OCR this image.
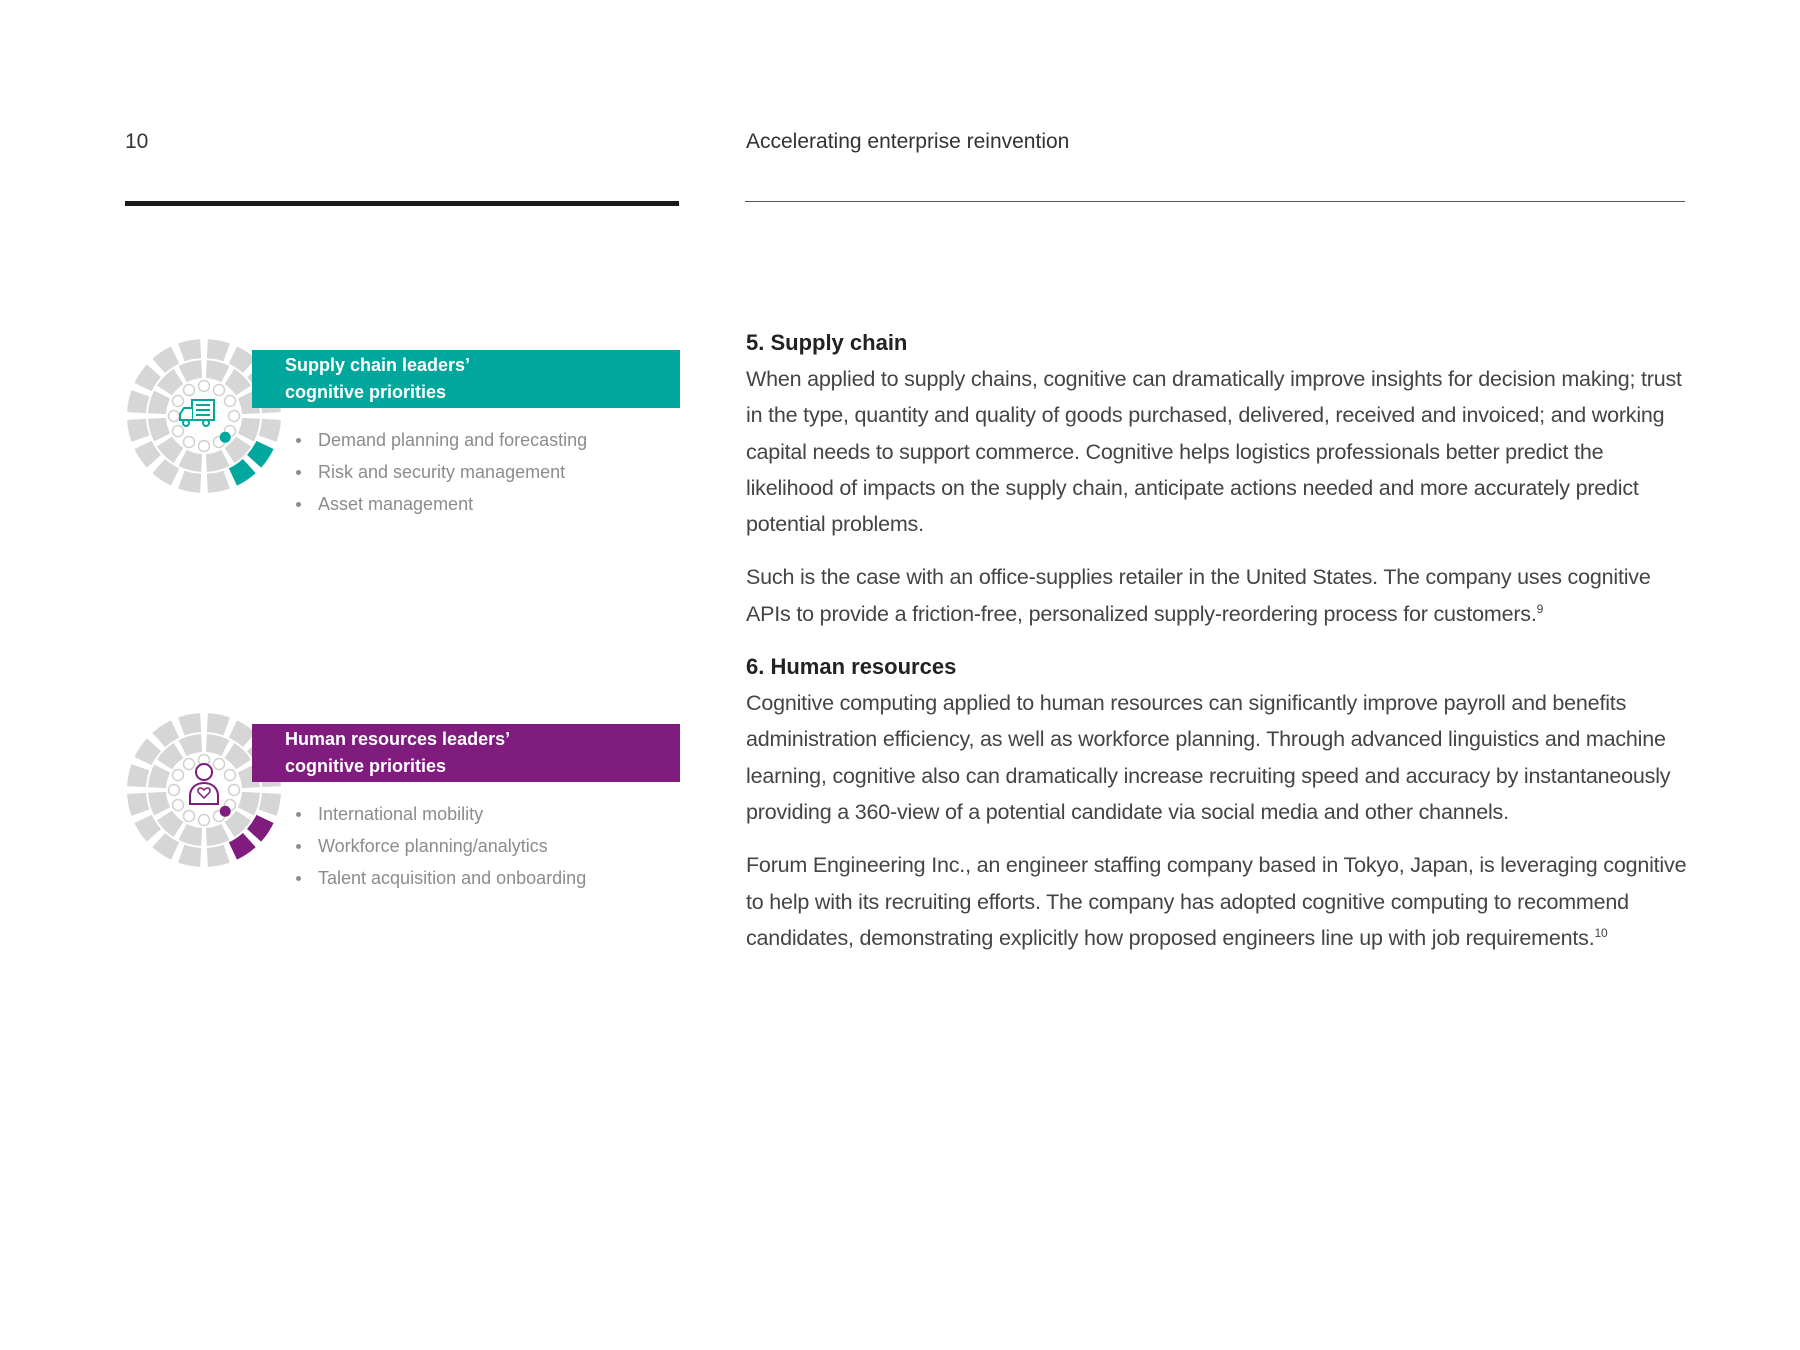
10	Accelerating enterprise reinvention
Supply chain leaders’
cognitive priorities
Demand planning and forecasting
Risk and security management
Asset management
Human resources leaders’
cognitive priorities
International mobility
Workforce planning/analytics
Talent acquisition and onboarding
5. Supply chain

When applied to supply chains, cognitive can dramatically improve insights for decision making; trust in the type, quantity and quality of goods purchased, delivered, received and invoiced; and working capital needs to support commerce. Cognitive helps logistics professionals better predict the likelihood of impacts on the supply chain, anticipate actions needed and more accurately predict potential problems.

Such is the case with an office-supplies retailer in the United States. The company uses cognitive APIs to provide a friction-free, personalized supply-reordering process for customers.$^9$

6. Human resources

Cognitive computing applied to human resources can significantly improve payroll and benefits administration efficiency, as well as workforce planning. Through advanced linguistics and machine learning, cognitive also can dramatically increase recruiting speed and accuracy by instantaneously providing a 360-view of a potential candidate via social media and other channels.

Forum Engineering Inc., an engineer staffing company based in Tokyo, Japan, is leveraging cognitive to help with its recruiting efforts. The company has adopted cognitive computing to recommend candidates, demonstrating explicitly how proposed engineers line up with job requirements.$^{10}$
